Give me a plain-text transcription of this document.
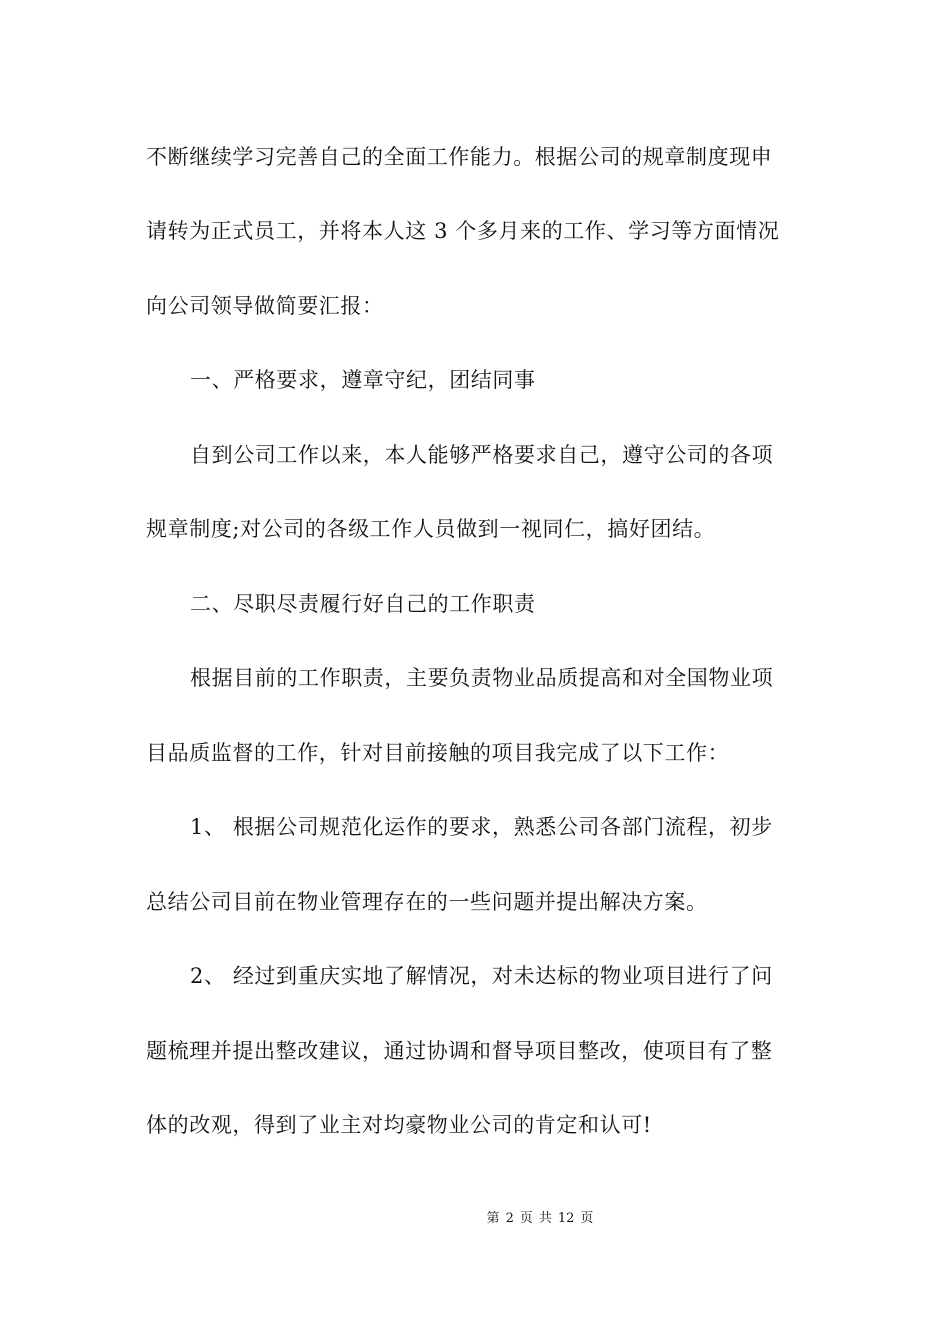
不断继续学习完善自己的全面工作能力。根据公司的规章制度现申
请转为正式员工，并将本人这 3 个多月来的工作、学习等方面情况
向公司领导做简要汇报：
一、严格要求，遵章守纪，团结同事
自到公司工作以来，本人能够严格要求自己，遵守公司的各项
规章制度;对公司的各级工作人员做到一视同仁，搞好团结。
二、尽职尽责履行好自己的工作职责
根据目前的工作职责，主要负责物业品质提高和对全国物业项
目品质监督的工作，针对目前接触的项目我完成了以下工作：
1、 根据公司规范化运作的要求，熟悉公司各部门流程，初步
总结公司目前在物业管理存在的一些问题并提出解决方案。
2、 经过到重庆实地了解情况，对未达标的物业项目进行了问
题梳理并提出整改建议，通过协调和督导项目整改，使项目有了整
体的改观，得到了业主对均豪物业公司的肯定和认可!
第 2 页 共 12 页
